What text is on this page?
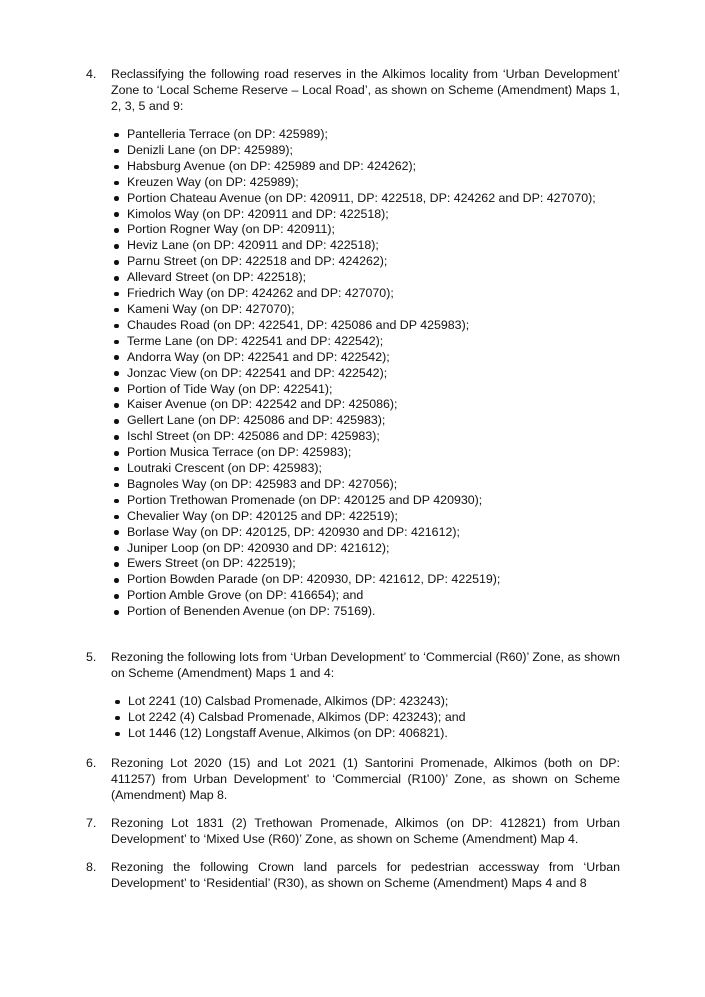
4. Reclassifying the following road reserves in the Alkimos locality from ‘Urban Development’ Zone to ‘Local Scheme Reserve – Local Road’, as shown on Scheme (Amendment) Maps 1, 2, 3, 5 and 9:
Pantelleria Terrace (on DP: 425989);
Denizli Lane (on DP: 425989);
Habsburg Avenue (on DP: 425989 and DP: 424262);
Kreuzen Way (on DP: 425989);
Portion Chateau Avenue (on DP: 420911, DP: 422518, DP: 424262 and DP: 427070);
Kimolos Way (on DP: 420911 and DP: 422518);
Portion Rogner Way (on DP: 420911);
Heviz Lane (on DP: 420911 and DP: 422518);
Parnu Street (on DP: 422518 and DP: 424262);
Allevard Street (on DP: 422518);
Friedrich Way (on DP: 424262 and DP: 427070);
Kameni Way (on DP: 427070);
Chaudes Road (on DP: 422541, DP: 425086 and DP 425983);
Terme Lane (on DP: 422541 and DP: 422542);
Andorra Way (on DP: 422541 and DP: 422542);
Jonzac View (on DP: 422541 and DP: 422542);
Portion of Tide Way (on DP: 422541);
Kaiser Avenue (on DP: 422542 and DP: 425086);
Gellert Lane (on DP: 425086 and DP: 425983);
Ischl Street (on DP: 425086 and DP: 425983);
Portion Musica Terrace (on DP: 425983);
Loutraki Crescent (on DP: 425983);
Bagnoles Way (on DP: 425983 and DP: 427056);
Portion Trethowan Promenade (on DP: 420125 and DP 420930);
Chevalier Way (on DP: 420125 and DP: 422519);
Borlase Way (on DP: 420125, DP: 420930 and DP: 421612);
Juniper Loop (on DP: 420930 and DP: 421612);
Ewers Street (on DP: 422519);
Portion Bowden Parade (on DP: 420930, DP: 421612, DP: 422519);
Portion Amble Grove (on DP: 416654); and
Portion of Benenden Avenue (on DP: 75169).
5. Rezoning the following lots from ‘Urban Development’ to ‘Commercial (R60)’ Zone, as shown on Scheme (Amendment) Maps 1 and 4:
Lot 2241 (10) Calsbad Promenade, Alkimos (DP: 423243);
Lot 2242 (4) Calsbad Promenade, Alkimos (DP: 423243); and
Lot 1446 (12) Longstaff Avenue, Alkimos (on DP: 406821).
6. Rezoning Lot 2020 (15) and Lot 2021 (1) Santorini Promenade, Alkimos (both on DP: 411257) from Urban Development’ to ‘Commercial (R100)’ Zone, as shown on Scheme (Amendment) Map 8.
7. Rezoning Lot 1831 (2) Trethowan Promenade, Alkimos (on DP: 412821) from Urban Development’ to ‘Mixed Use (R60)’ Zone, as shown on Scheme (Amendment) Map 4.
8. Rezoning the following Crown land parcels for pedestrian accessway from ‘Urban Development’ to ‘Residential’ (R30), as shown on Scheme (Amendment) Maps 4 and 8
